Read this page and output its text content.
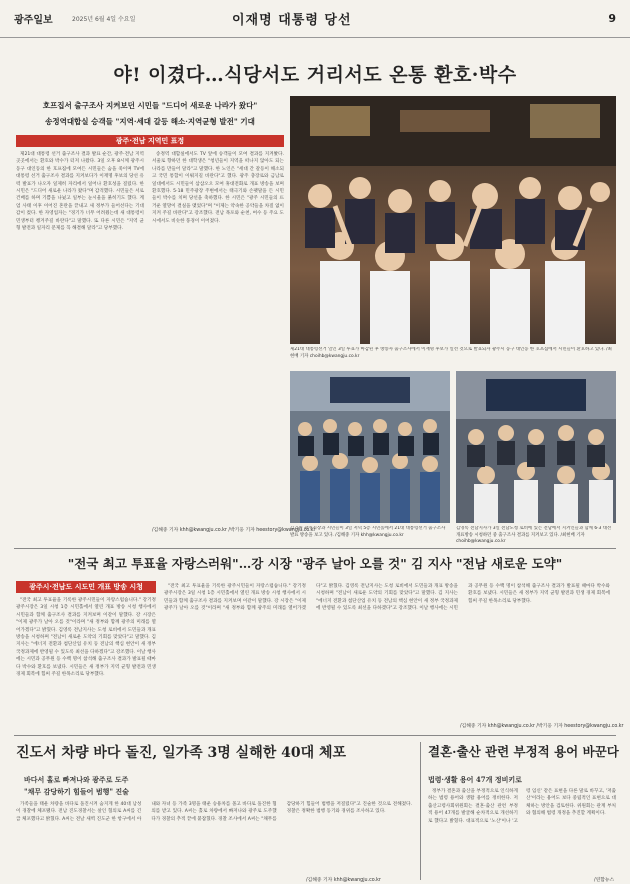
광주일보	2025년 6월 4일 수요일	이재명 대통령 당선	9
야! 이겼다…식당서도 거리서도 온통 환호·박수
호프집서 출구조사 지켜보던 시민들 "드디어 새로운 나라가 왔다"
송정역대합실 승객들 "지역·세대 갈등 해소·지역균형 발전" 기대
광주·전남 지역민 표정

제21대 대통령 선거 출구조사 결과 발표 순간, 광주·전남 지역 곳곳에서는 환호와 박수가 터져 나왔다. 3일 오후 8시께 광주시 동구 대인동의 한 호프집에 모여든 시민들은 숨을 죽이며 TV에 대통령 선거 출구조사 결과를 지켜보다가 이재명 후보의 당선 유력 발표가 나오자 일제히 자리에서 일어나 환호성을 질렀다. 한 시민은 "드디어 새로운 나라가 왔다"며 감격했다. 시민들은 서로 건배를 하며 기쁨을 나눴고 일부는 눈시울을 붉히기도 했다. 계엄 사태 이후 이어진 혼란을 끝내고 새 정부가 들어선다는 기대감이 컸다. 한 자영업자는 "경기가 너무 어려웠는데 새 대통령이 민생부터 챙겨주길 바란다"고 말했다. 또 다른 시민은 "지역 균형 발전과 일자리 문제를 꼭 해결해 달라"고 당부했다.

송정역 대합실에서도 TV 앞에 승객들이 모여 결과를 지켜봤다. 서울로 향하던 한 대학생은 "청년들이 지역을 떠나지 않아도 되는 나라를 만들어 달라"고 말했다. 한 노인은 "세대 간 갈등이 해소되고 국민 통합이 이뤄지길 바란다"고 했다. 광주 충장로와 금남로 일대에서도 시민들이 삼삼오오 모여 휴대전화로 개표 방송을 보며 환호했다. 5·18 민주광장 주변에서는 태극기와 손팻말을 든 시민들이 박수를 치며 당선을 축하했다. 한 시민은 "광주 시민들의 뜨거운 열망이 결실을 맺었다"며 "이제는 약속한 공약들을 차질 없이 지켜 주길 바란다"고 강조했다. 전남 목포와 순천, 여수 등 주요 도시에서도 비슷한 풍경이 이어졌다.

/김해중 기자 khh@kwangju.co.kr /박기웅 기자 heestory@kwangju.co.kr
제21대 대통령선거 일인 3일 투표가 마감된 후 방송사 출구조사에서 이재명 후보가 일선 것으로 발표되자 광주시 동구 대인동 한 호프집에서 시민들이 환호하고 있다. /최현배 기자 choihb@kwangju.co.kr
김기원 광주시장과 시민들이 3일 저녁 5층 시민홀에서 21대 대통령선거 출구조사 발표 방송을 보고 있다. /김해중 기자 khh@kwangju.co.kr
김영록 전남지사가 3일 전남도청 로비에 있는 전남에서 지켜인들과 함께 6·3 대선 개표방송 시청하던 중 출구조사 결과를 지켜보고 있다. /최현배 기자 choihb@kwangju.co.kr
"전국 최고 투표율 자랑스러워"…강 시장 "광주 날아 오를 것" 김 지사 "전남 새로운 도약"
광주시·전남도 시도민 개표 방송 시청

"전국 최고 투표율을 기록한 광주시민들이 자랑스럽습니다." 강기정 광주시장은 3일 시청 1층 시민홀에서 열린 개표 방송 시청 행사에서 시민들과 함께 출구조사 결과를 지켜보며 이같이 말했다. 강 시장은 "이제 광주가 날아 오를 것"이라며 "새 정부와 함께 광주의 미래를 열어가겠다"고 밝혔다. 김영록 전남지사는 도청 로비에서 도민들과 개표 방송을 시청하며 "전남이 새로운 도약의 기회를 맞았다"고 말했다. 김 지사는 "에너지 전환과 첨단산업 유치 등 전남의 핵심 현안이 새 정부 국정과제에 반영될 수 있도록 최선을 다하겠다"고 강조했다. 이날 행사에는 시민과 공무원 등 수백 명이 참석해 출구조사 결과가 발표될 때마다 박수와 환호를 보냈다. 시민들은 새 정부가 지역 균형 발전과 민생 경제 회복에 힘써 주길 한목소리로 당부했다.

"전국 최고 투표율을 기록한 광주시민들이 자랑스럽습니다." 강기정 광주시장은 3일 시청 1층 시민홀에서 열린 개표 방송 시청 행사에서 시민들과 함께 출구조사 결과를 지켜보며 이같이 말했다. 강 시장은 "이제 광주가 날아 오를 것"이라며 "새 정부와 함께 광주의 미래를 열어가겠다"고 밝혔다. 김영록 전남지사는 도청 로비에서 도민들과 개표 방송을 시청하며 "전남이 새로운 도약의 기회를 맞았다"고 말했다. 김 지사는 "에너지 전환과 첨단산업 유치 등 전남의 핵심 현안이 새 정부 국정과제에 반영될 수 있도록 최선을 다하겠다"고 강조했다. 이날 행사에는 시민과 공무원 등 수백 명이 참석해 출구조사 결과가 발표될 때마다 박수와 환호를 보냈다. 시민들은 새 정부가 지역 균형 발전과 민생 경제 회복에 힘써 주길 한목소리로 당부했다.

/김해중 기자 khh@kwangju.co.kr /박기웅 기자 heestory@kwangju.co.kr
진도서 차량 바다 돌진, 일가족 3명 실해한 40대 체포
바다서 홀로 빠져나와 광주로 도주
"채무 감당하기 힘들어 범행" 진술

가족들을 태운 차량을 바다로 돌진시켜 숨지게 한 40대 남성이 경찰에 체포됐다. 전남 진도경찰서는 살인 혐의로 A씨를 긴급 체포했다고 밝혔다. A씨는 전날 새벽 진도군 한 항구에서 아내와 자녀 등 가족 3명을 태운 승용차를 몰고 바다로 돌진한 혐의를 받고 있다. A씨는 홀로 차량에서 빠져나와 광주로 도주했다가 경찰의 추적 끝에 붙잡혔다. 경찰 조사에서 A씨는 "채무를 감당하기 힘들어 범행을 저질렀다"고 진술한 것으로 전해졌다. 경찰은 정확한 범행 동기와 경위를 조사하고 있다.

/김해중 기자 khh@kwangju.co.kr
결혼·출산 관련 부정적 용어 바꾼다
법령·생활 용어 47개 정비키로

정부가 결혼과 출산을 부정적으로 인식하게 하는 법령 용어와 생활 용어를 정비한다. 저출산고령사회위원회는 결혼·출산 관련 부정적 용어 47개를 발굴해 순차적으로 개선하기로 했다고 밝혔다. 대표적으로 '노산'이나 '고령 임신' 같은 표현을 다른 말로 바꾸고, '저출산'이라는 용어도 보다 중립적인 표현으로 대체하는 방안을 검토한다. 위원회는 관계 부처와 협의해 법령 개정을 추진할 계획이다.

/연합뉴스
